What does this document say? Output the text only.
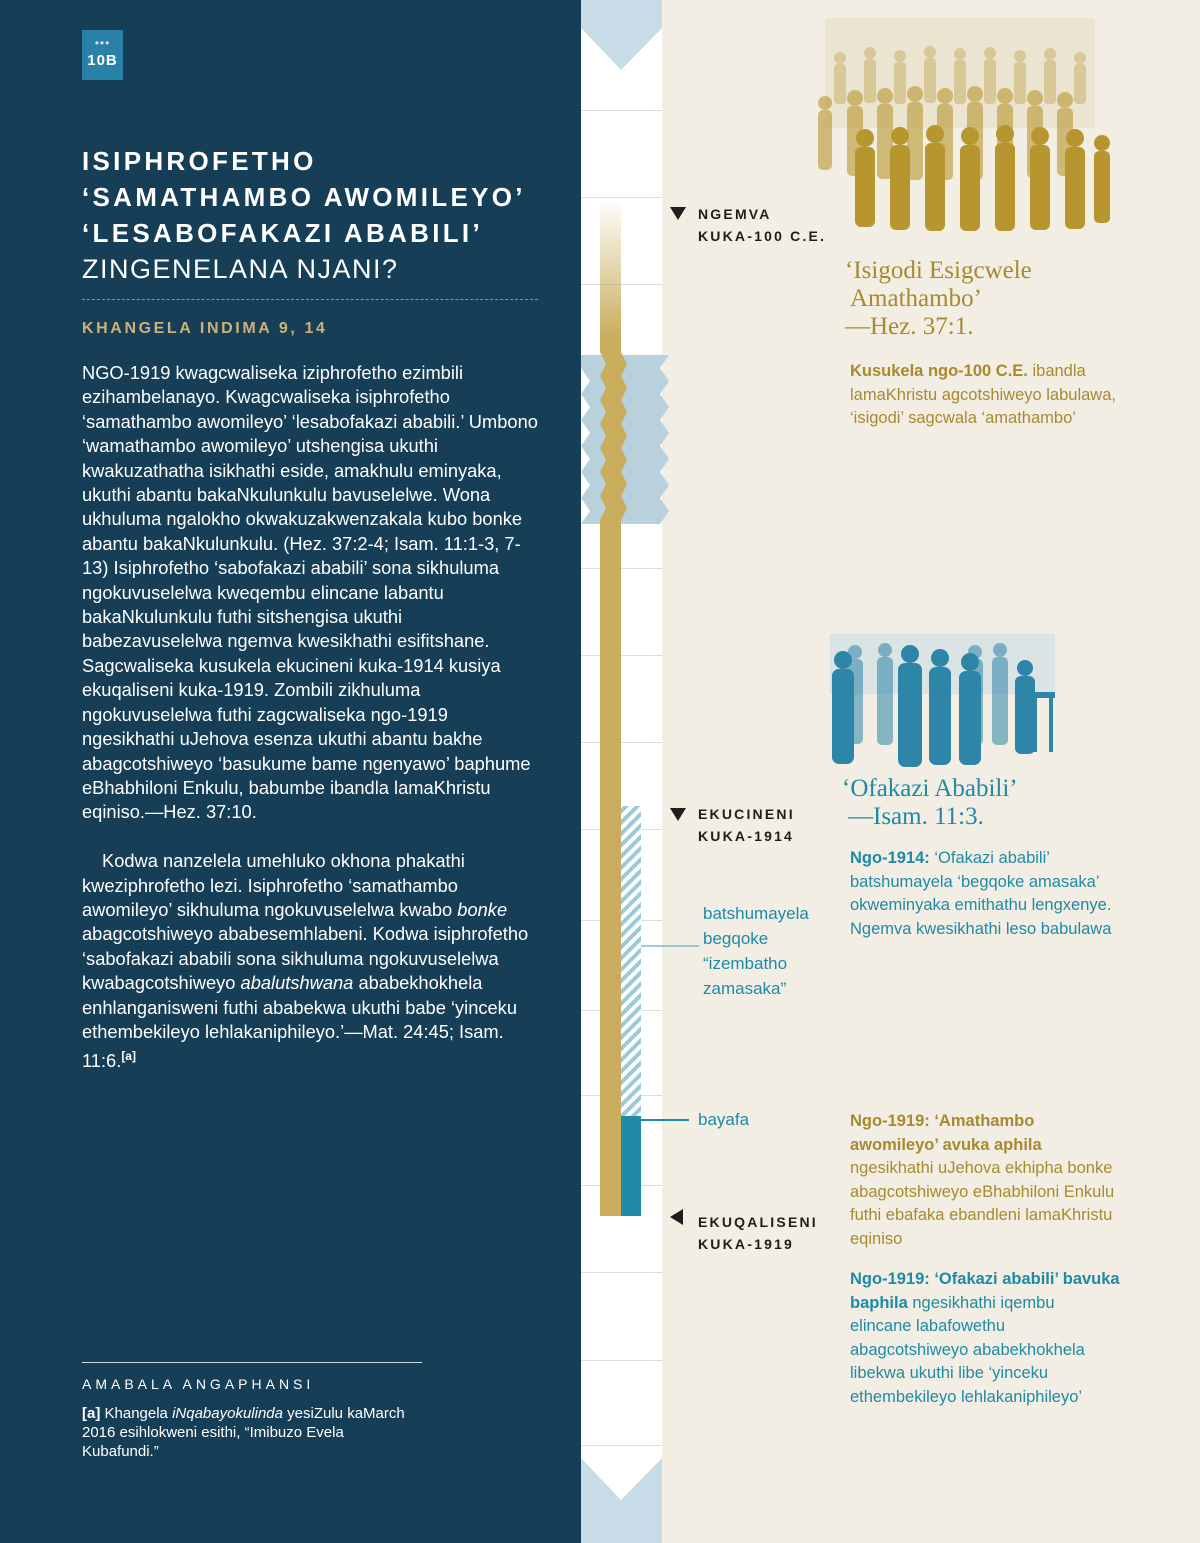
•••
10B
ISIPHROFETHO
‘SAMATHAMBO AWOMILEYO’
‘LESABOFAKAZI ABABILI’
ZINGENELANA NJANI?
KHANGELA INDIMA 9, 14

NGO-1919 kwagcwaliseka iziphrofetho ezimbili ezihambelanayo. Kwagcwaliseka isiphrofetho ‘samathambo awomileyo’ ‘lesabofakazi ababili.’ Umbono ‘wamathambo awomileyo’ utshengisa ukuthi kwakuzathatha isikhathi eside, amakhulu eminyaka, ukuthi abantu bakaNkulunkulu bavuselelwe. Wona ukhuluma ngalokho okwakuzakwenzakala kubo bonke abantu bakaNkulunkulu. (Hez. 37:2-4; Isam. 11:1-3, 7-13) Isiphrofetho ‘sabofakazi ababili’ sona sikhuluma ngokuvuselelwa kweqembu elincane labantu bakaNkulunkulu futhi sitshengisa ukuthi babezavuselelwa ngemva kwesikhathi esifitshane. Sagcwaliseka kusukela ekucineni kuka-1914 kusiya ekuqaliseni kuka-1919. Zombili zikhuluma ngokuvuselelwa futhi zagcwaliseka ngo-1919 ngesikhathi uJehova esenza ukuthi abantu bakhe abagcotshiweyo ‘basukume bame ngenyawo’ baphume eBhabhiloni Enkulu, babumbe ibandla lamaKhristu eqiniso.—Hez. 37:10.

Kodwa nanzelela umehluko okhona phakathi kweziphrofetho lezi. Isiphrofetho ‘samathambo awomileyo’ sikhuluma ngokuvuselelwa kwabo bonke abagcotshiweyo ababesemhlabeni. Kodwa isiphrofetho ‘sabofakazi ababili sona sikhuluma ngokuvuselelwa kwabagcotshiweyo abalutshwana ababekhokhela enhlanganisweni futhi ababekwa ukuthi babe ‘yinceku ethembekileyo lehlakaniphileyo.’—Mat. 24:45; Isam. 11:6.[a]

AMABALA ANGAPHANSI
[a] Khangela iNqabayokulinda yesiZulu kaMarch 2016 esihlokweni esithi, “Imibuzo Evela Kubafundi.”
NGEMVA
KUKA-100 C.E.
EKUCINENI
KUKA-1914
EKUQALISENI
KUKA-1919
batshumayela
begqoke
“izembatho
zamasaka”
bayafa
‘Isigodi Esigcwele
Amathambo’
—Hez. 37:1.
Kusukela ngo-100 C.E. ibandla lamaKhristu agcotshiweyo labulawa, ‘isigodi’ sagcwala ‘amathambo’
‘Ofakazi Ababili’
—Isam. 11:3.
Ngo-1914: ‘Ofakazi ababili’ batshumayela ‘begqoke amasaka’ okweminyaka emithathu lengxenye. Ngemva kwesikhathi leso babulawa
Ngo-1919: ‘Amathambo awomileyo’ avuka aphila ngesikhathi uJehova ekhipha bonke abagcotshiweyo eBhabhiloni Enkulu futhi ebafaka ebandleni lamaKhristu eqiniso
Ngo-1919: ‘Ofakazi ababili’ bavuka baphila ngesikhathi iqembu elincane labafowethu abagcotshiweyo ababekhokhela libekwa ukuthi libe ‘yinceku ethembekileyo lehlakaniphileyo’
